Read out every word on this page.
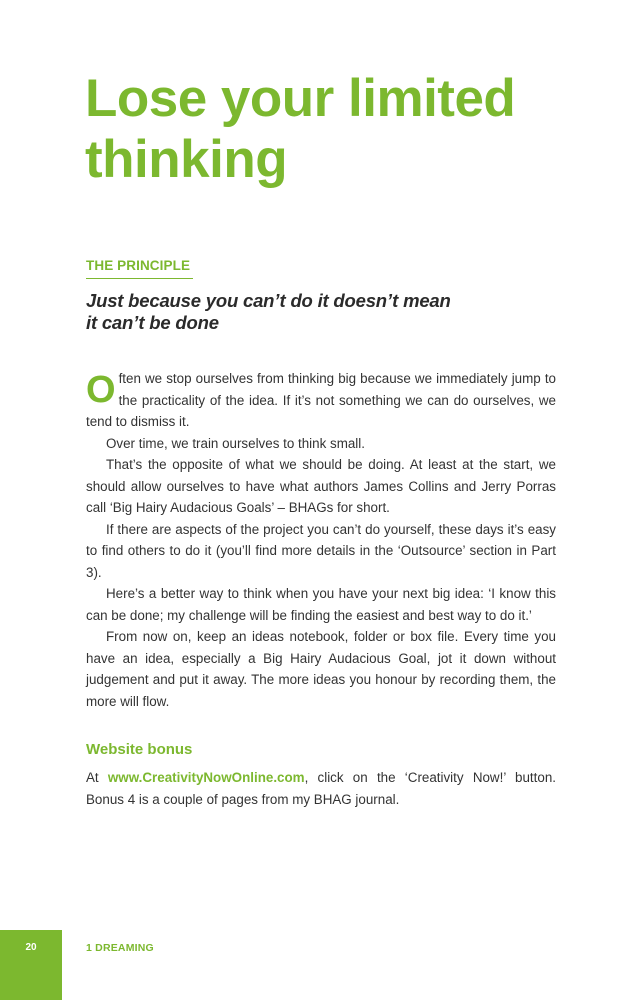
Lose your limited
thinking
THE PRINCIPLE

Just because you can’t do it doesn’t mean
it can’t be done

Often we stop ourselves from thinking big because we immediately jump to the practicality of the idea. If it’s not something we can do ourselves, we tend to dismiss it.

Over time, we train ourselves to think small.

That’s the opposite of what we should be doing. At least at the start, we should allow ourselves to have what authors James Collins and Jerry Porras call ‘Big Hairy Audacious Goals’ – BHAGs for short.

If there are aspects of the project you can’t do yourself, these days it’s easy to find others to do it (you’ll find more details in the ‘Outsource’ section in Part 3).

Here’s a better way to think when you have your next big idea: ‘I know this can be done; my challenge will be finding the easiest and best way to do it.’

From now on, keep an ideas notebook, folder or box file. Every time you have an idea, especially a Big Hairy Audacious Goal, jot it down without judgement and put it away. The more ideas you honour by recording them, the more will flow.

Website bonus

At www.CreativityNowOnline.com, click on the ‘Creativity Now!’ button. Bonus 4 is a couple of pages from my BHAG journal.

20	1 DREAMING
